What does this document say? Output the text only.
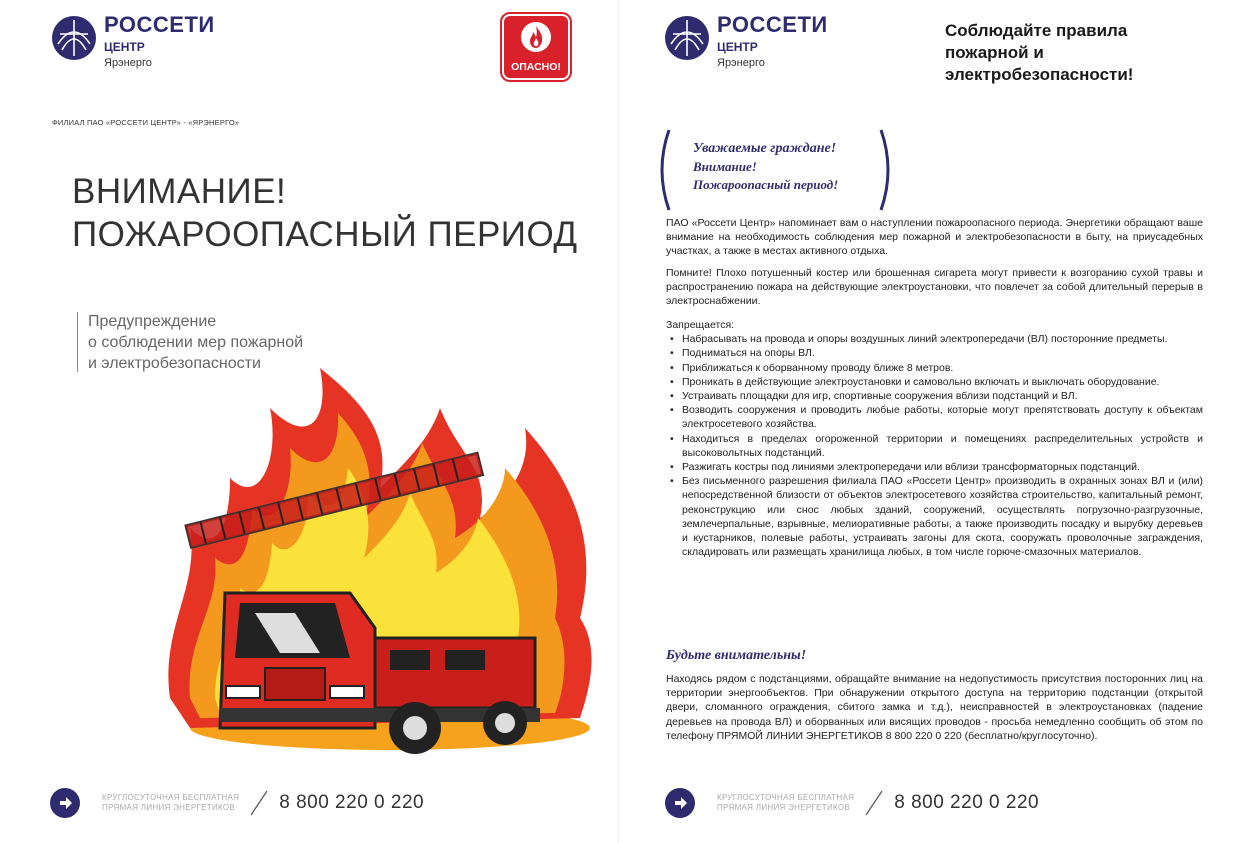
РОССЕТИ
ЦЕНТР
Ярэнерго	ОПАСНО!
ФИЛИАЛ ПАО «РОССЕТИ ЦЕНТР» - «ЯРЭНЕРГО»
ВНИМАНИЕ!
ПОЖАРООПАСНЫЙ ПЕРИОД
Предупреждение
о соблюдении мер пожарной
и электробезопасности
КРУГЛОСУТОЧНАЯ БЕСПЛАТНАЯ
ПРЯМАЯ ЛИНИЯ ЭНЕРГЕТИКОВ 8 800 220 0 220
РОССЕТИ
ЦЕНТР
Ярэнерго
Соблюдайте правила
пожарной и
электробезопасности!
Уважаемые граждане!
Внимание!
Пожароопасный период!

ПАО «Россети Центр» напоминает вам о наступлении пожароопасного периода. Энергетики обращают ваше внимание на необходимость соблюдения мер пожарной и электробезопасности в быту, на приусадебных участках, а также в местах активного отдыха.

Помните! Плохо потушенный костер или брошенная сигарета могут привести к возгоранию сухой травы и распространению пожара на действующие электроустановки, что повлечет за собой длительный перерыв в электроснабжении.

Запрещается:

• Набрасывать на провода и опоры воздушных линий электропередачи (ВЛ) посторонние предметы.
• Подниматься на опоры ВЛ.
• Приближаться к оборванному проводу ближе 8 метров.
• Проникать в действующие электроустановки и самовольно включать и выключать оборудование.
• Устраивать площадки для игр, спортивные сооружения вблизи подстанций и ВЛ.
• Возводить сооружения и проводить любые работы, которые могут препятствовать доступу к объектам электросетевого хозяйства.
• Находиться в пределах огороженной территории и помещениях распределительных устройств и высоковольтных подстанций.
• Разжигать костры под линиями электропередачи или вблизи трансформаторных подстанций.
• Без письменного разрешения филиала ПАО «Россети Центр» производить в охранных зонах ВЛ и (или) непосредственной близости от объектов электросетевого хозяйства строительство, капитальный ремонт, реконструкцию или снос любых зданий, сооружений, осуществлять погрузочно-разгрузочные, землечерпальные, взрывные, мелиоративные работы, а также производить посадку и вырубку деревьев и кустарников, полевые работы, устраивать загоны для скота, сооружать проволочные заграждения, складировать или размещать хранилища любых, в том числе горюче-смазочных материалов.
Будьте внимательны!

Находясь рядом с подстанциями, обращайте внимание на недопустимость присутствия посторонних лиц на территории энергообъектов. При обнаружении открытого доступа на территорию подстанции (открытой двери, сломанного ограждения, сбитого замка и т.д.), неисправностей в электроустановках (падение деревьев на провода ВЛ) и оборванных или висящих проводов - просьба немедленно сообщить об этом по телефону ПРЯМОЙ ЛИНИИ ЭНЕРГЕТИКОВ 8 800 220 0 220 (бесплатно/круглосуточно).

КРУГЛОСУТОЧНАЯ БЕСПЛАТНАЯ
ПРЯМАЯ ЛИНИЯ ЭНЕРГЕТИКОВ 8 800 220 0 220
